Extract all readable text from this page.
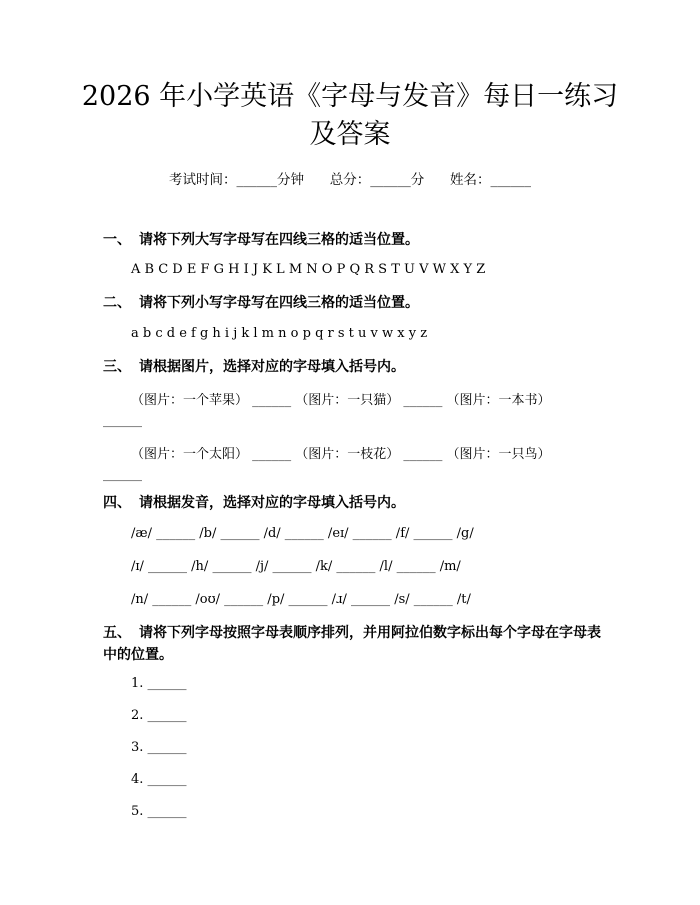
2026 年小学英语《字母与发音》每日一练习及答案
考试时间：______分钟      总分：______分      姓名：______
一、 请将下列大写字母写在四线三格的适当位置。
A B C D E F G H I J K L M N O P Q R S T U V W X Y Z
二、 请将下列小写字母写在四线三格的适当位置。
a b c d e f g h i j k l m n o p q r s t u v w x y z
三、 请根据图片，选择对应的字母填入括号内。
（图片：一个苹果） ______ （图片：一只猫） ______ （图片：一本书）
______
（图片：一个太阳） ______ （图片：一枝花） ______ （图片：一只鸟）
______
四、 请根据发音，选择对应的字母填入括号内。
/æ/ ______ /b/ ______ /d/ ______ /eɪ/ ______ /f/ ______ /g/
/ɪ/ ______ /h/ ______ /j/ ______ /k/ ______ /l/ ______ /m/
/n/ ______ /oʊ/ ______ /p/ ______ /ɹ/ ______ /s/ ______ /t/
五、 请将下列字母按照字母表顺序排列，并用阿拉伯数字标出每个字母在字母表中的位置。
1. ______
2. ______
3. ______
4. ______
5. ______
